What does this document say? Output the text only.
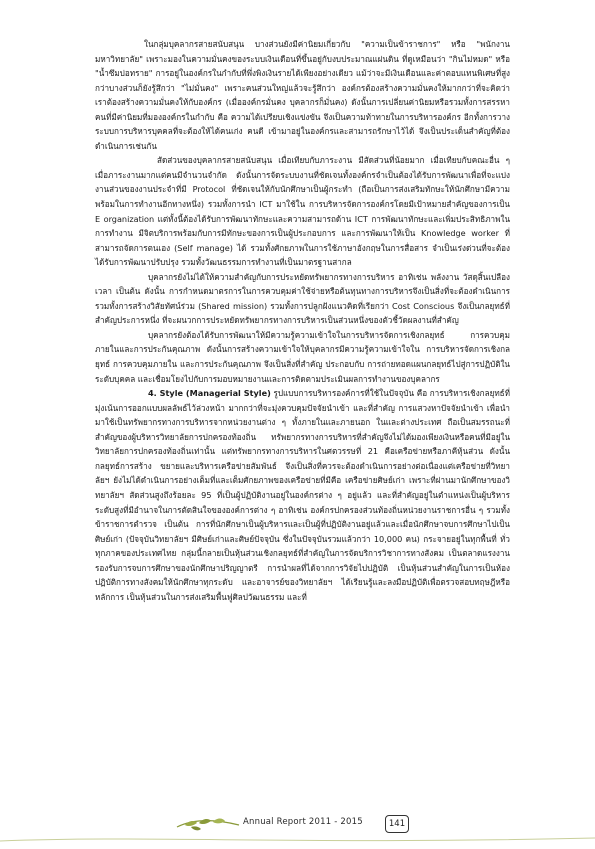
ในกลุ่มบุคลากรสายสนับสนุน บางส่วนยังมีค่านิยมเกี่ยวกับ "ความเป็นข้าราชการ" หรือ "พนักงานมหาวิทยาลัย" เพราะมองในความมั่นคงของระบบเงินเดือนที่ขึ้นอยู่กับงบประมาณแผ่นดิน ที่ดูเหมือนว่า "กินไม่หมด" หรือ "น้ำซึมบ่อทราย" การอยู่ในองค์กรในกำกับที่พึ่งพิงเงินรายได้เพียงอย่างเดียว แม้ว่าจะมีเงินเดือนและค่าตอบแทนพิเศษที่สูงกว่าบางส่วนก็ยังรู้สึกว่า "ไม่มั่นคง" เพราะคนส่วนใหญ่แล้วจะรู้สึกว่า องค์กรต้องสร้างความมั่นคงให้มากกว่าที่จะคิดว่า เราต้องสร้างความมั่นคงให้กับองค์กร (เมื่อองค์กรมั่นคง บุคลากรก็มั่นคง) ดังนั้นการเปลี่ยนค่านิยมหรือรวมทั้งการสรรหาคนที่มีค่านิยมที่มององค์กรในกำกับ คือ ความได้เปรียบเชิงแข่งขัน จึงเป็นความท้าทายในการบริหารองค์กร อีกทั้งการวางระบบการบริหารบุคคลที่จะต้องให้ได้คนเก่ง คนดี เข้ามาอยู่ในองค์กรและสามารถรักษาไว้ได้ จึงเป็นประเด็นสำคัญที่ต้องดำเนินการเช่นกัน

สัดส่วนของบุคลากรสายสนับสนุน เมื่อเทียบกับภาระงาน มีสัดส่วนที่น้อยมาก เมื่อเทียบกับคณะอื่น ๆ เมื่อภาระงานมากแต่คนมีจำนวนจำกัด ดังนั้นการจัดระบบงานที่ชัดเจนทั้งองค์กรจำเป็นต้องได้รับการพัฒนาเพื่อที่จะแบ่งงานส่วนของงานประจำที่มี Protocol ที่ชัดเจนให้กับนักศึกษาเป็นผู้กระทำ (ถือเป็นการส่งเสริมทักษะให้นักศึกษามีความพร้อมในการทำงานอีกทางหนึ่ง) รวมทั้งการนำ ICT มาใช้ใน การบริหารจัดการองค์กรโดยมีเป้าหมายสำคัญของการเป็น E organization แต่ทั้งนี้ต้องได้รับการพัฒนาทักษะและความสามารถด้าน ICT การพัฒนาทักษะและเพิ่มประสิทธิภาพในการทำงาน มีจิตบริการพร้อมกับการมีทักษะของการเป็นผู้ประกอบการ และการพัฒนาให้เป็น Knowledge worker ที่สามารถจัดการตนเอง (Self manage) ได้ รวมทั้งศักยภาพในการใช้ภาษาอังกฤษในการสื่อสาร จำเป็นเร่งด่วนที่จะต้องได้รับการพัฒนาปรับปรุง รวมทั้งวัฒนธรรมการทำงานที่เป็นมาตรฐานสากล

บุคลากรยังไม่ได้ให้ความสำคัญกับการประหยัดทรัพยากรทางการบริหาร อาทิเช่น พลังงาน วัสดุสิ้นเปลือง เวลา เป็นต้น ดังนั้น การกำหนดมาตรการในการควบคุมค่าใช้จ่ายหรือต้นทุนทางการบริหารจึงเป็นสิ่งที่จะต้องดำเนินการรวมทั้งการสร้างวิสัยทัศน์ร่วม (Shared mission) รวมทั้งการปลูกฝังแนวคิดที่เรียกว่า Cost Conscious จึงเป็นกลยุทธ์ที่สำคัญประการหนึ่ง ที่จะผนวกการประหยัดทรัพยากรทางการบริหารเป็นส่วนหนึ่งของตัวชี้วัดผลงานที่สำคัญ

บุคลากรยังต้องได้รับการพัฒนาให้มีความรู้ความเข้าใจในการบริหารจัดการเชิงกลยุทธ์ การควบคุมภายในและการประกันคุณภาพ ดังนั้นการสร้างความเข้าใจให้บุคลากรมีความรู้ความเข้าใจใน การบริหารจัดการเชิงกลยุทธ์ การควบคุมภายใน และการประกันคุณภาพ จึงเป็นสิ่งที่สำคัญ ประกอบกับ การถ่ายทอดแผนกลยุทธ์ไปสู่การปฏิบัติในระดับบุคคล และเชื่อมโยงไปกับการมอบหมายงานและการติดตามประเมินผลการทำงานของบุคลากร

4. Style (Managerial Style) รูปแบบการบริหารองค์การที่ใช้ในปัจจุบัน คือ การบริหารเชิงกลยุทธ์ที่มุ่งเน้นการออกแบบผลลัพธ์ไว้ล่วงหน้า มากกว่าที่จะมุ่งควบคุมปัจจัยนำเข้า และที่สำคัญ การแสวงหาปัจจัยนำเข้า เพื่อนำมาใช้เป็นทรัพยากรทางการบริหารจากหน่วยงานต่าง ๆ ทั้งภายในและภายนอก ในและต่างประเทศ ถือเป็นสมรรถนะที่สำคัญของผู้บริหารวิทยาลัยการปกครองท้องถิ่น ทรัพยากรทางการบริหารที่สำคัญจึงไม่ได้มองเพียงเงินหรือคนที่มีอยู่ในวิทยาลัยการปกครองท้องถิ่นเท่านั้น แต่ทรัพยากรทางการบริหารในศตวรรษที่ 21 คือเครือข่ายหรือภาคีหุ้นส่วน ดังนั้น กลยุทธ์การสร้าง ขยายและบริหารเครือข่ายสัมพันธ์ จึงเป็นสิ่งที่ควรจะต้องดำเนินการอย่างต่อเนื่องแต่เครือข่ายที่วิทยาลัยฯ ยังไม่ได้ดำเนินการอย่างเต็มที่และเต็มศักยภาพของเครือข่ายที่มีคือ เครือข่ายศิษย์เก่า เพราะที่ผ่านมานักศึกษาของวิทยาลัยฯ สัดส่วนสูงถึงร้อยละ 95 ที่เป็นผู้ปฏิบัติงานอยู่ในองค์กรต่าง ๆ อยู่แล้ว และที่สำคัญอยู่ในตำแหน่งเป็นผู้บริหารระดับสูงที่มีอำนาจในการตัดสินใจขององค์การต่าง ๆ อาทิเช่น องค์กรปกครองส่วนท้องถิ่นหน่วยงานราชการอื่น ๆ รวมทั้งข้าราชการตำรวจ เป็นต้น การที่นักศึกษาเป็นผู้บริหารและเป็นผู้ที่ปฏิบัติงานอยู่แล้วและเมื่อนักศึกษาจบการศึกษาไปเป็นศิษย์เก่า (ปัจจุบันวิทยาลัยฯ มีศิษย์เก่าและศิษย์ปัจจุบัน ซึ่งในปัจจุบันรวมแล้วกว่า 10,000 คน) กระจายอยู่ในทุกพื้นที่ ทั่วทุกภาคของประเทศไทย กลุ่มนี้กลายเป็นหุ้นส่วนเชิงกลยุทธ์ที่สำคัญในการจัดบริการวิชาการทางสังคม เป็นตลาดแรงงานรองรับการจบการศึกษาของนักศึกษาปริญญาตรี การนำผลที่ได้จากการวิจัยไปปฏิบัติ เป็นหุ้นส่วนสำคัญในการเป็นห้องปฏิบัติการทางสังคมให้นักศึกษาทุกระดับ และอาจารย์ของวิทยาลัยฯ ได้เรียนรู้และลงมือปฏิบัติเพื่อตรวจสอบทฤษฎีหรือหลักการ เป็นหุ้นส่วนในการส่งเสริมพื้นฟูศิลปวัฒนธรรม และที่

Annual Report 2011 - 2015	141
